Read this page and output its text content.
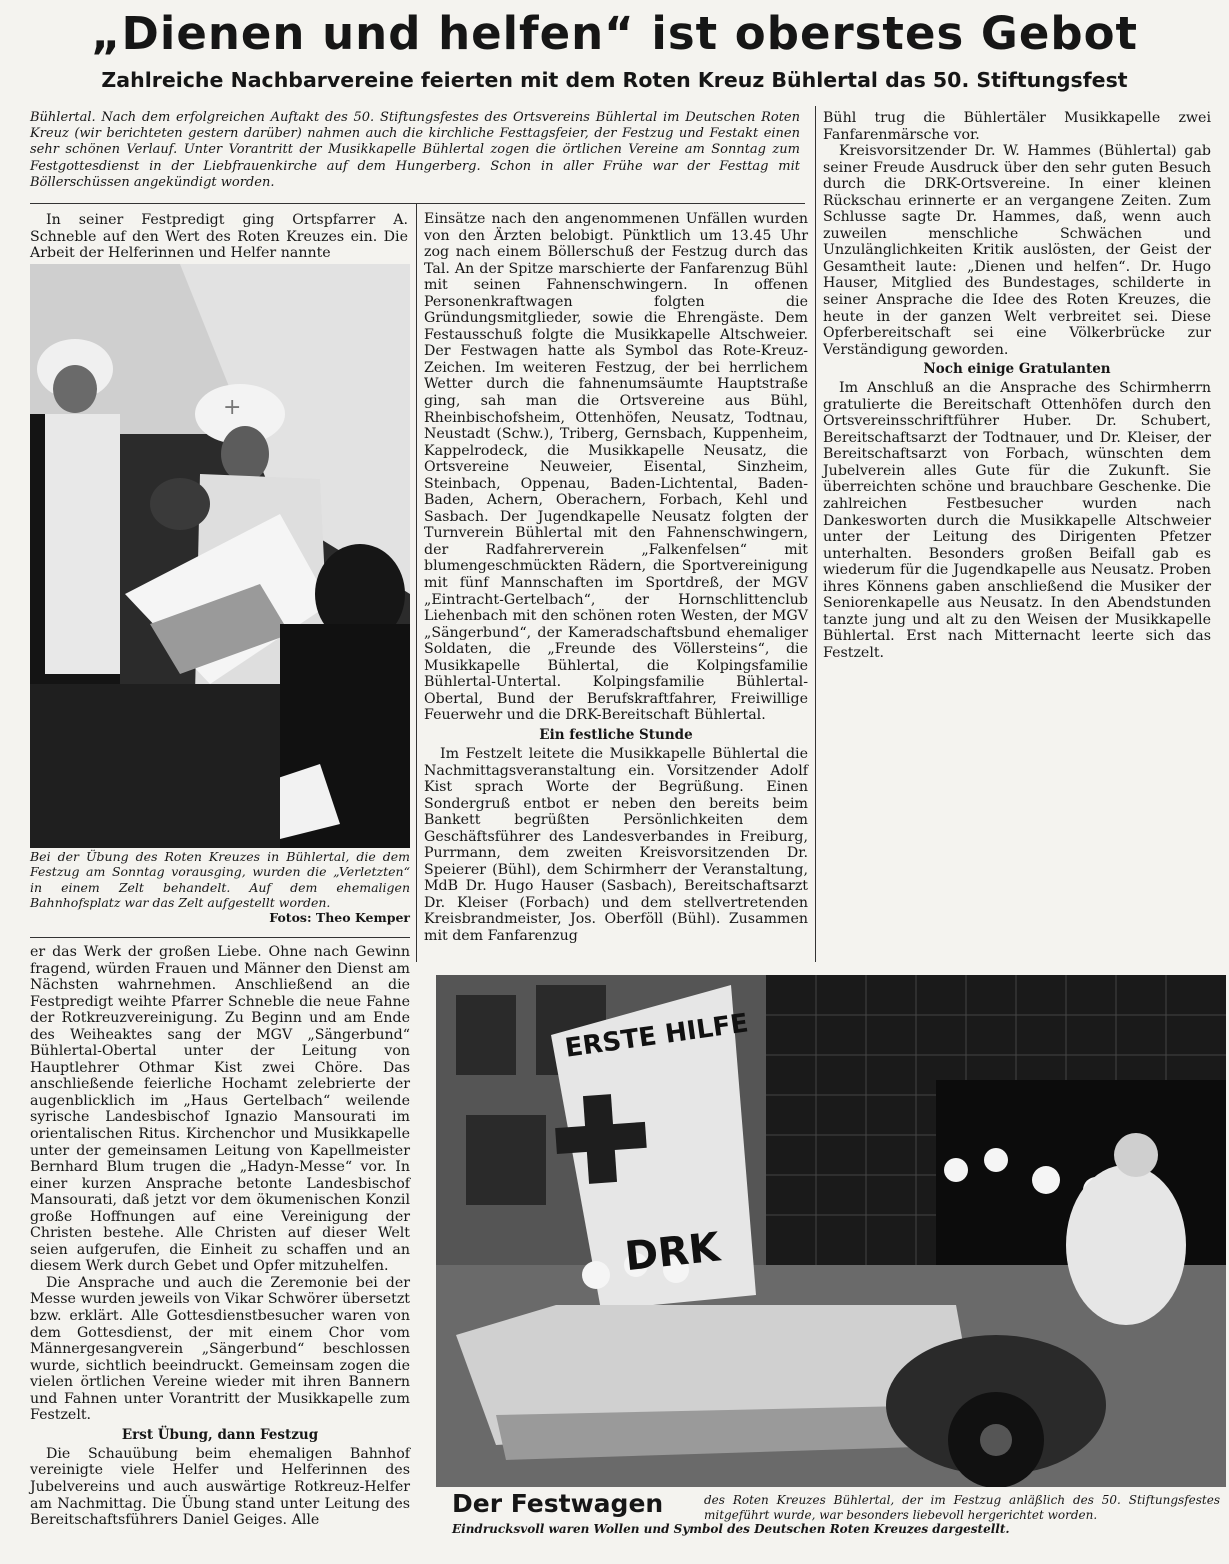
„Dienen und helfen“ ist oberstes Gebot
Zahlreiche Nachbarvereine feierten mit dem Roten Kreuz Bühlertal das 50. Stiftungsfest
Bühlertal. Nach dem erfolgreichen Auftakt des 50. Stiftungsfestes des Ortsvereins Bühlertal im Deutschen Roten Kreuz (wir berichteten gestern darüber) nahmen auch die kirchliche Festtagsfeier, der Festzug und Festakt einen sehr schönen Verlauf. Unter Vorantritt der Musikkapelle Bühlertal zogen die örtlichen Vereine am Sonntag zum Festgottesdienst in der Liebfrauenkirche auf dem Hungerberg. Schon in aller Frühe war der Festtag mit Böllerschüssen angekündigt worden.

In seiner Festpredigt ging Ortspfarrer A. Schneble auf den Wert des Roten Kreuzes ein. Die Arbeit der Helferinnen und Helfer nannte

+
Bei der Übung des Roten Kreuzes in Bühlertal, die dem Festzug am Sonntag vorausging, wurden die „Verletzten“ in einem Zelt behandelt. Auf dem ehemaligen Bahnhofsplatz war das Zelt aufgestellt worden.
Fotos: Theo Kemper

er das Werk der großen Liebe. Ohne nach Gewinn fragend, würden Frauen und Männer den Dienst am Nächsten wahrnehmen. Anschließend an die Festpredigt weihte Pfarrer Schneble die neue Fahne der Rotkreuzvereinigung. Zu Beginn und am Ende des Weiheaktes sang der MGV „Sängerbund“ Bühlertal-Obertal unter der Leitung von Hauptlehrer Othmar Kist zwei Chöre. Das anschließende feierliche Hochamt zelebrierte der augenblicklich im „Haus Gertelbach“ weilende syrische Landesbischof Ignazio Mansourati im orientalischen Ritus. Kirchenchor und Musikkapelle unter der gemeinsamen Leitung von Kapellmeister Bernhard Blum trugen die „Hadyn-Messe“ vor. In einer kurzen Ansprache betonte Landesbischof Mansourati, daß jetzt vor dem ökumenischen Konzil große Hoffnungen auf eine Vereinigung der Christen bestehe. Alle Christen auf dieser Welt seien aufgerufen, die Einheit zu schaffen und an diesem Werk durch Gebet und Opfer mitzuhelfen.

Die Ansprache und auch die Zeremonie bei der Messe wurden jeweils von Vikar Schwörer übersetzt bzw. erklärt. Alle Gottesdienstbesucher waren von dem Gottesdienst, der mit einem Chor vom Männergesangverein „Sängerbund“ beschlossen wurde, sichtlich beeindruckt. Gemeinsam zogen die vielen örtlichen Vereine wieder mit ihren Bannern und Fahnen unter Vorantritt der Musikkapelle zum Festzelt.

Erst Übung, dann Festzug

Die Schauübung beim ehemaligen Bahnhof vereinigte viele Helfer und Helferinnen des Jubelvereins und auch auswärtige Rotkreuz-Helfer am Nachmittag. Die Übung stand unter Leitung des Bereitschaftsführers Daniel Geiges. Alle

Einsätze nach den angenommenen Unfällen wurden von den Ärzten belobigt. Pünktlich um 13.45 Uhr zog nach einem Böllerschuß der Festzug durch das Tal. An der Spitze marschierte der Fanfarenzug Bühl mit seinen Fahnenschwingern. In offenen Personenkraftwagen folgten die Gründungsmitglieder, sowie die Ehrengäste. Dem Festausschuß folgte die Musikkapelle Altschweier. Der Festwagen hatte als Symbol das Rote-Kreuz-Zeichen. Im weiteren Festzug, der bei herrlichem Wetter durch die fahnenumsäumte Hauptstraße ging, sah man die Ortsvereine aus Bühl, Rheinbischofsheim, Ottenhöfen, Neusatz, Todtnau, Neustadt (Schw.), Triberg, Gernsbach, Kuppenheim, Kappelrodeck, die Musikkapelle Neusatz, die Ortsvereine Neuweier, Eisental, Sinzheim, Steinbach, Oppenau, Baden-Lichtental, Baden-Baden, Achern, Oberachern, Forbach, Kehl und Sasbach. Der Jugendkapelle Neusatz folgten der Turnverein Bühlertal mit den Fahnenschwingern, der Radfahrerverein „Falkenfelsen“ mit blumengeschmückten Rädern, die Sportvereinigung mit fünf Mannschaften im Sportdreß, der MGV „Eintracht-Gertelbach“, der Hornschlittenclub Liehenbach mit den schönen roten Westen, der MGV „Sängerbund“, der Kameradschaftsbund ehemaliger Soldaten, die „Freunde des Völlersteins“, die Musikkapelle Bühlertal, die Kolpingsfamilie Bühlertal-Untertal. Kolpingsfamilie Bühlertal-Obertal, Bund der Berufskraftfahrer, Freiwillige Feuerwehr und die DRK-Bereitschaft Bühlertal.

Ein festliche Stunde

Im Festzelt leitete die Musikkapelle Bühlertal die Nachmittagsveranstaltung ein. Vorsitzender Adolf Kist sprach Worte der Begrüßung. Einen Sondergruß entbot er neben den bereits beim Bankett begrüßten Persönlichkeiten dem Geschäftsführer des Landesverbandes in Freiburg, Purrmann, dem zweiten Kreisvorsitzenden Dr. Speierer (Bühl), dem Schirmherr der Veranstaltung, MdB Dr. Hugo Hauser (Sasbach), Bereitschaftsarzt Dr. Kleiser (Forbach) und dem stellvertretenden Kreisbrandmeister, Jos. Oberföll (Bühl). Zusammen mit dem Fanfarenzug

Bühl trug die Bühlertäler Musikkapelle zwei Fanfarenmärsche vor.

Kreisvorsitzender Dr. W. Hammes (Bühlertal) gab seiner Freude Ausdruck über den sehr guten Besuch durch die DRK-Ortsvereine. In einer kleinen Rückschau erinnerte er an vergangene Zeiten. Zum Schlusse sagte Dr. Hammes, daß, wenn auch zuweilen menschliche Schwächen und Unzulänglichkeiten Kritik auslösten, der Geist der Gesamtheit laute: „Dienen und helfen“. Dr. Hugo Hauser, Mitglied des Bundestages, schilderte in seiner Ansprache die Idee des Roten Kreuzes, die heute in der ganzen Welt verbreitet sei. Diese Opferbereitschaft sei eine Völkerbrücke zur Verständigung geworden.

Noch einige Gratulanten

Im Anschluß an die Ansprache des Schirmherrn gratulierte die Bereitschaft Ottenhöfen durch den Ortsvereinsschriftführer Huber. Dr. Schubert, Bereitschaftsarzt der Todtnauer, und Dr. Kleiser, der Bereitschaftsarzt von Forbach, wünschten dem Jubelverein alles Gute für die Zukunft. Sie überreichten schöne und brauchbare Geschenke. Die zahlreichen Festbesucher wurden nach Dankesworten durch die Musikkapelle Altschweier unter der Leitung des Dirigenten Pfetzer unterhalten. Besonders großen Beifall gab es wiederum für die Jugendkapelle aus Neusatz. Proben ihres Könnens gaben anschließend die Musiker der Seniorenkapelle aus Neusatz. In den Abendstunden tanzte jung und alt zu den Weisen der Musikkapelle Bühlertal. Erst nach Mitternacht leerte sich das Festzelt.

ERSTE HILFE
DRK
Der Festwagen	des Roten Kreuzes Bühlertal, der im Festzug anläßlich des 50. Stiftungsfestes mitgeführt wurde, war besonders liebevoll hergerichtet worden.
Eindrucksvoll waren Wollen und Symbol des Deutschen Roten Kreuzes dargestellt.
